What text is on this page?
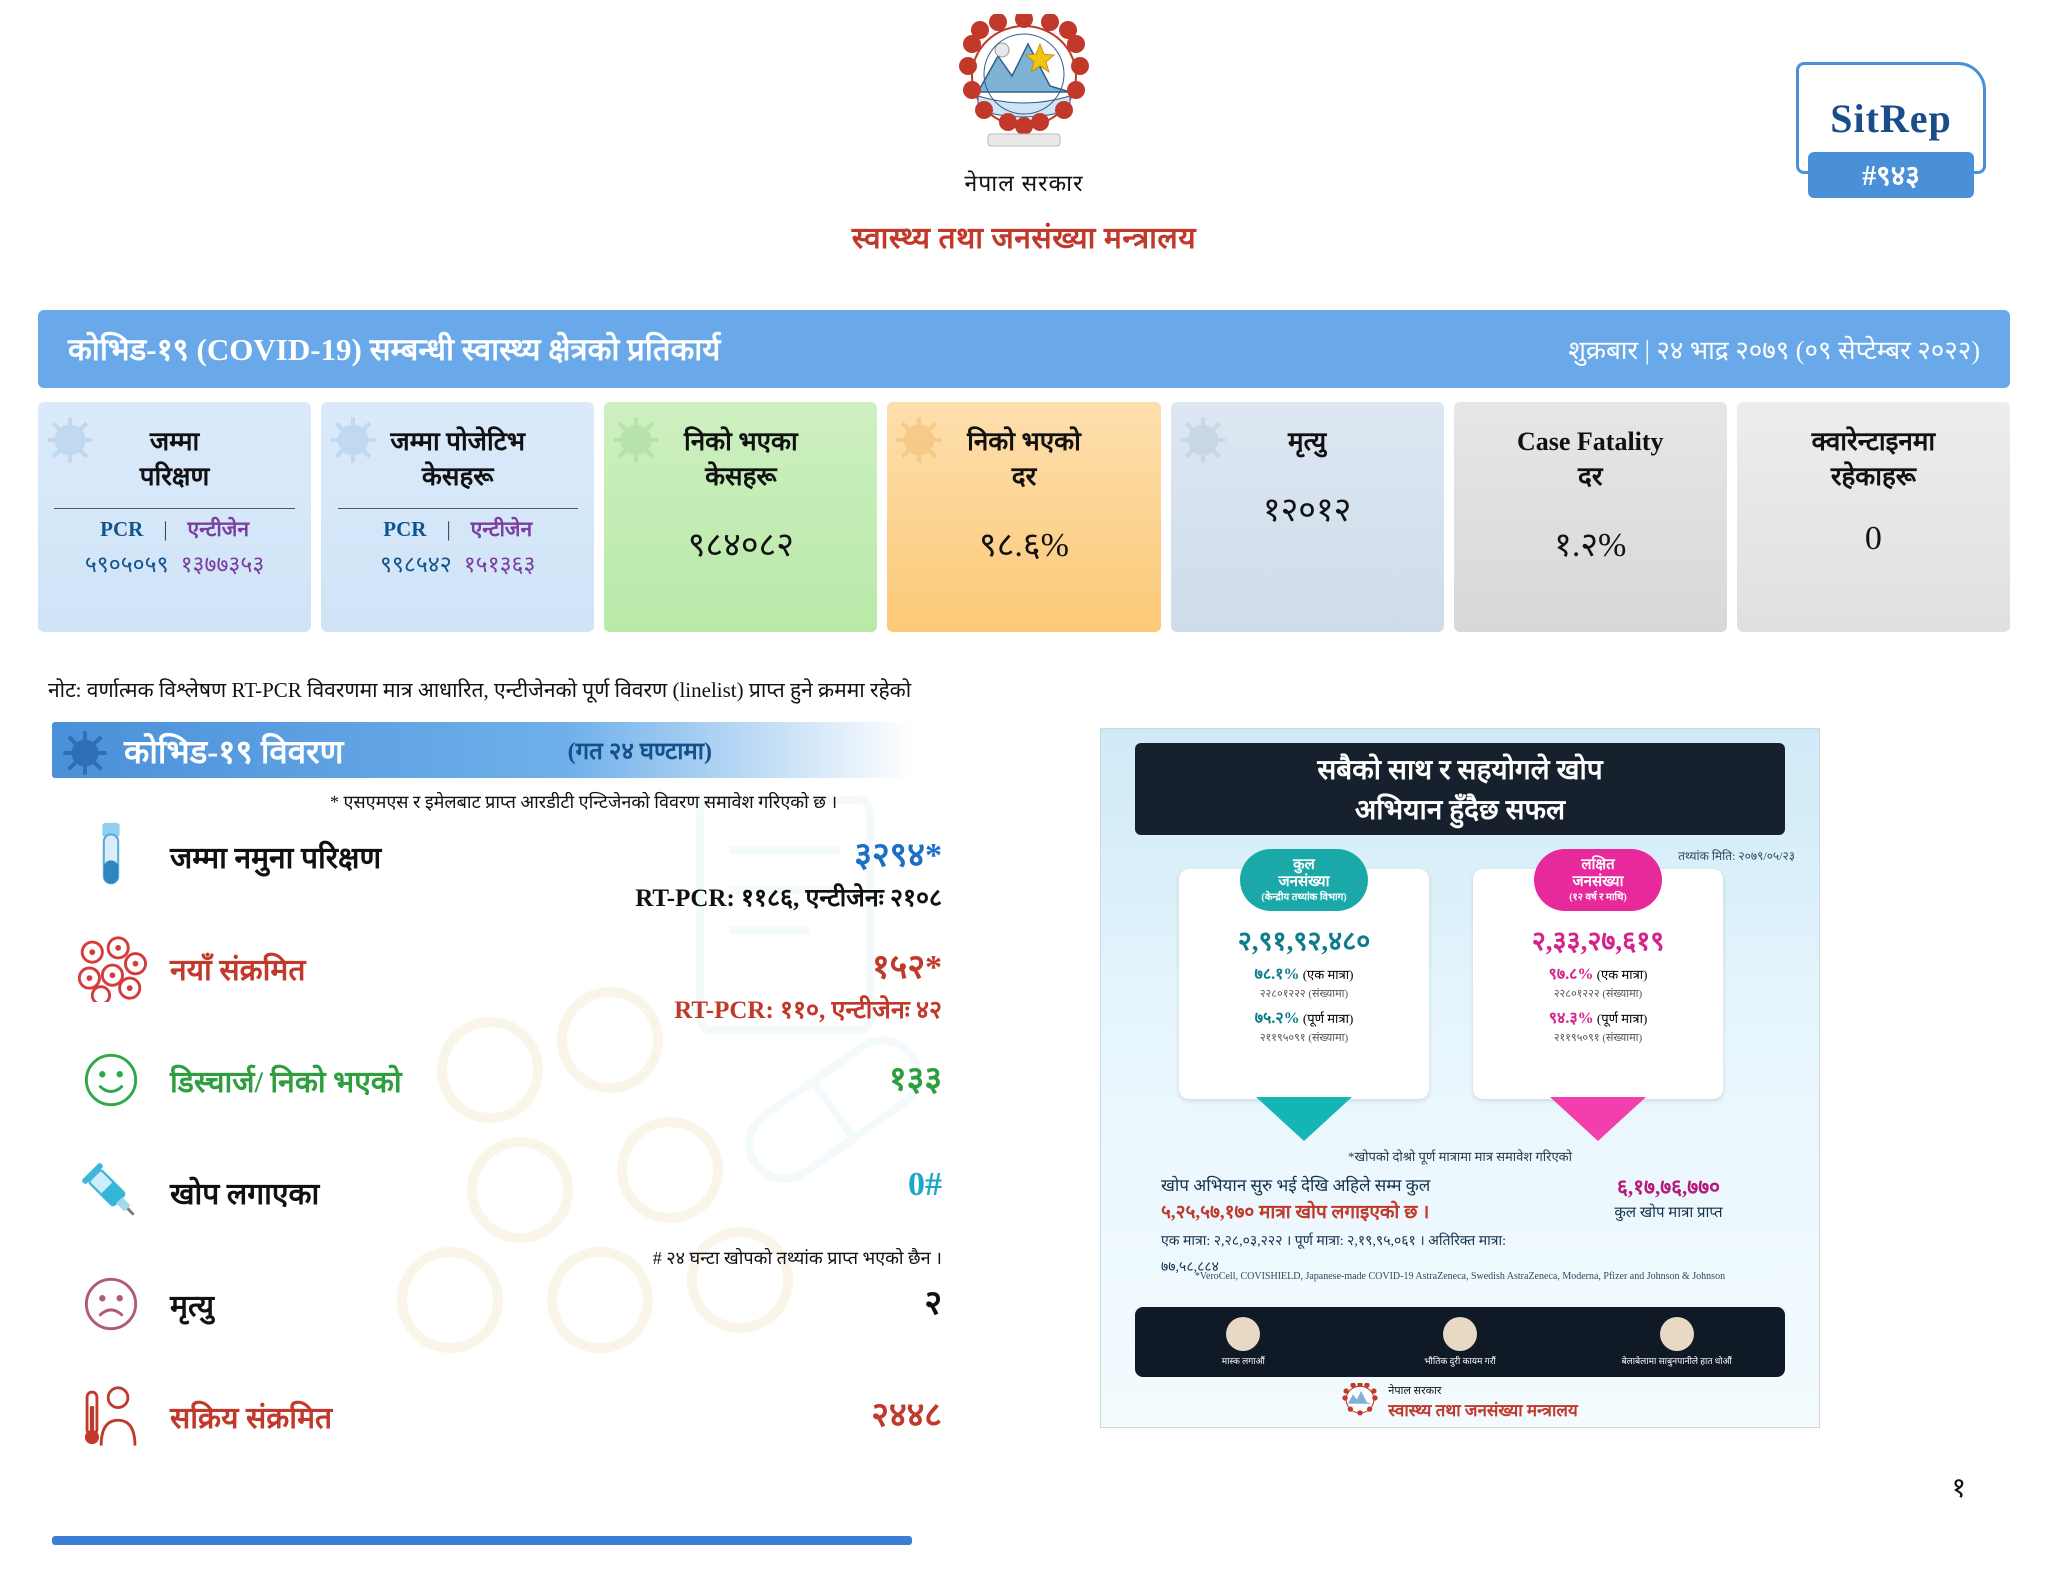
नेपाल सरकार
स्वास्थ्य तथा जनसंख्या मन्त्रालय
SitRep
#९४३
कोभिड-१९ (COVID-19) सम्बन्धी स्वास्थ्य क्षेत्रको प्रतिकार्य	शुक्रबार | २४ भाद्र २०७९ (०९ सेप्टेम्बर २०२२)
जम्मा
परिक्षण
PCR | एन्टीजेन
५९०५०५९ १३७७३५३
जम्मा पोजेटिभ
केसहरू
PCR | एन्टीजेन
९९८५४२ १५१३६३
निको भएका
केसहरू
९८४०८२
निको भएको
दर
९८.६%
मृत्यु
१२०१२
Case Fatality
दर
१.२%
क्वारेन्टाइनमा
रहेकाहरू
0
नोट: वर्णात्मक विश्लेषण RT-PCR विवरणमा मात्र आधारित, एन्टीजेनको पूर्ण विवरण (linelist) प्राप्त हुने क्रममा रहेको
कोभिड-१९ विवरण	(गत २४ घण्टामा)
* एसएमएस र इमेलबाट प्राप्त आरडीटी एन्टिजेनको विवरण समावेश गरिएको छ ।
जम्मा नमुना परिक्षण	३२९४*
RT-PCR: ११८६, एन्टीजेनः २१०८
नयाँ संक्रमित	१५२*
RT-PCR: ११०, एन्टीजेनः ४२
डिस्चार्ज/ निको भएको	१३३
खोप लगाएका	0#
# २४ घन्टा खोपको तथ्यांक प्राप्त भएको छैन ।
मृत्यु	२
सक्रिय संक्रमित	२४४८
सबैको साथ र सहयोगले खोप
अभियान हुँदैछ सफल
तथ्यांक मिति: २०७९/०५/२३
कुल
जनसंख्या

(केन्द्रीय तथ्यांक विभाग)
२,९१,९२,४८०
७८.१% (एक मात्रा)
२२८०१२२२ (संख्यामा)
७५.२% (पूर्ण मात्रा)
२११९५०९१ (संख्यामा)
लक्षित
जनसंख्या

(१२ वर्ष र माथि)
२,३३,२७,६१९
९७.८% (एक मात्रा)
२२८०१२२२ (संख्यामा)
९४.३% (पूर्ण मात्रा)
२११९५०९१ (संख्यामा)
*खोपको दोश्रो पूर्ण मात्रामा मात्र समावेश गरिएको
खोप अभियान सुरु भई देखि अहिले सम्म कुल
५,२५,५७,१७० मात्रा खोप लगाइएको छ ।
एक मात्रा: २,२८,०३,२२२ । पूर्ण मात्रा: २,१९,९५,०६१ । अतिरिक्त मात्रा: ७७,५८,८८४
६,१७,७६,७७०
कुल खोप मात्रा प्राप्त
*VeroCell, COVISHIELD, Japanese-made COVID-19 AstraZeneca, Swedish AstraZeneca, Moderna, Pfizer and Johnson & Johnson
मास्क लगाऔं	भौतिक दुरी कायम गरौं	बेलाबेलामा साबुनपानीले हात धोऔं
नेपाल सरकार
स्वास्थ्य तथा जनसंख्या मन्त्रालय
१
